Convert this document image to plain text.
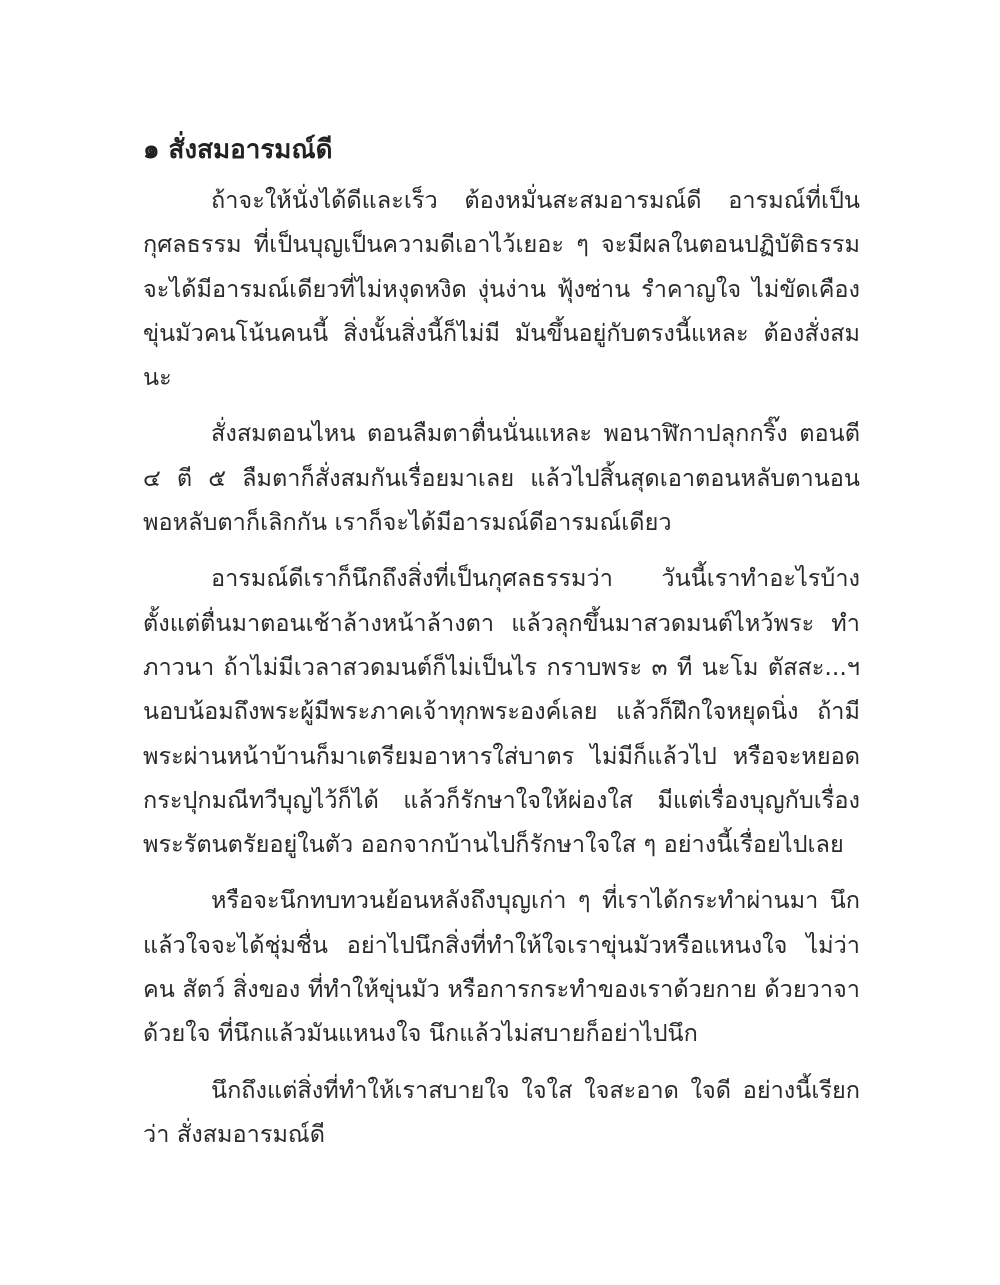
๑ สั่งสมอารมณ์ดี

ถ้าจะให้นั่งได้ดีและเร็ว ต้องหมั่นสะสมอารมณ์ดี อารมณ์ที่เป็นกุศลธรรม ที่เป็นบุญเป็นความดีเอาไว้เยอะ ๆ จะมีผลในตอนปฏิบัติธรรม จะได้มีอารมณ์เดียวที่ไม่หงุดหงิด งุ่นง่าน ฟุ้งซ่าน รำคาญใจ ไม่ขัดเคืองขุ่นมัวคนโน้นคนนี้ สิ่งนั้นสิ่งนี้ก็ไม่มี มันขึ้นอยู่กับตรงนี้แหละ ต้องสั่งสมนะ

สั่งสมตอนไหน ตอนลืมตาตื่นนั่นแหละ พอนาฬิกาปลุกกริ๊ง ตอนตี ๔ ตี ๕ ลืมตาก็สั่งสมกันเรื่อยมาเลย แล้วไปสิ้นสุดเอาตอนหลับตานอน พอหลับตาก็เลิกกัน เราก็จะได้มีอารมณ์ดีอารมณ์เดียว

อารมณ์ดีเราก็นึกถึงสิ่งที่เป็นกุศลธรรมว่า วันนี้เราทำอะไรบ้าง ตั้งแต่ตื่นมาตอนเช้าล้างหน้าล้างตา แล้วลุกขึ้นมาสวดมนต์ไหว้พระ ทำภาวนา ถ้าไม่มีเวลาสวดมนต์ก็ไม่เป็นไร กราบพระ ๓ ที นะโม ตัสสะ...ฯ นอบน้อมถึงพระผู้มีพระภาคเจ้าทุกพระองค์เลย แล้วก็ฝึกใจหยุดนิ่ง ถ้ามีพระผ่านหน้าบ้านก็มาเตรียมอาหารใส่บาตร ไม่มีก็แล้วไป หรือจะหยอดกระปุกมณีทวีบุญไว้ก็ได้ แล้วก็รักษาใจให้ผ่องใส มีแต่เรื่องบุญกับเรื่องพระรัตนตรัยอยู่ในตัว ออกจากบ้านไปก็รักษาใจใส ๆ อย่างนี้เรื่อยไปเลย

หรือจะนึกทบทวนย้อนหลังถึงบุญเก่า ๆ ที่เราได้กระทำผ่านมา นึกแล้วใจจะได้ชุ่มชื่น อย่าไปนึกสิ่งที่ทำให้ใจเราขุ่นมัวหรือแหนงใจ ไม่ว่าคน สัตว์ สิ่งของ ที่ทำให้ขุ่นมัว หรือการกระทำของเราด้วยกาย ด้วยวาจา ด้วยใจ ที่นึกแล้วมันแหนงใจ นึกแล้วไม่สบายก็อย่าไปนึก

นึกถึงแต่สิ่งที่ทำให้เราสบายใจ ใจใส ใจสะอาด ใจดี อย่างนี้เรียกว่า สั่งสมอารมณ์ดี
